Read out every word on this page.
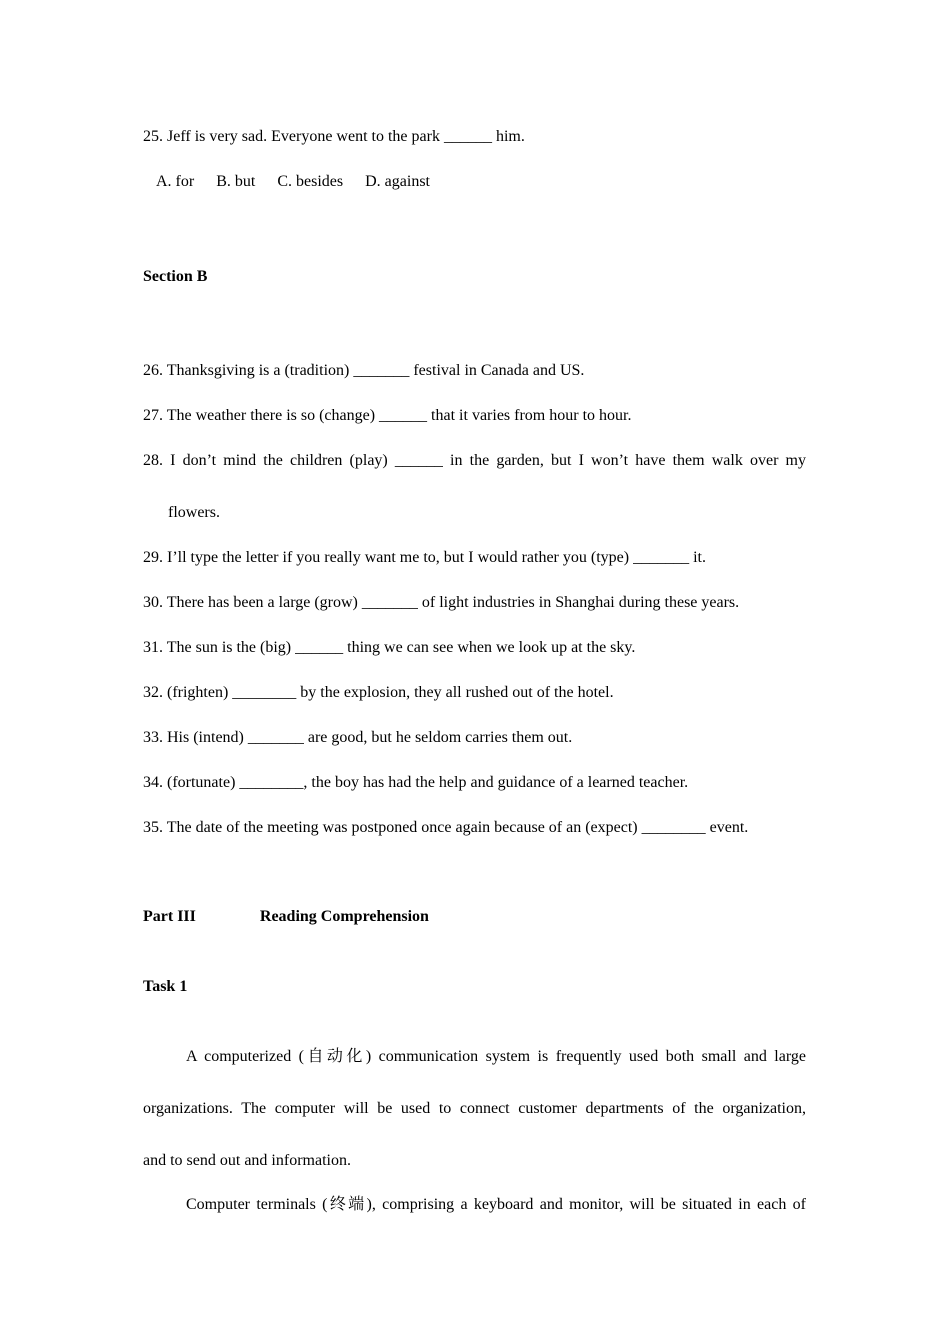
25. Jeff is very sad. Everyone went to the park ______ him.
A. for B. but C. besides D. against
Section B
26. Thanksgiving is a (tradition) _______ festival in Canada and US.
27. The weather there is so (change) ______ that it varies from hour to hour.
28. I don’t mind the children (play) ______ in the garden, but I won’t have them walk over my
flowers.
29. I’ll type the letter if you really want me to, but I would rather you (type) _______ it.
30. There has been a large (grow) _______ of light industries in Shanghai during these years.
31. The sun is the (big) ______ thing we can see when we look up at the sky.
32. (frighten) ________ by the explosion, they all rushed out of the hotel.
33. His (intend) _______ are good, but he seldom carries them out.
34. (fortunate) ________, the boy has had the help and guidance of a learned teacher.
35. The date of the meeting was postponed once again because of an (expect) ________ event.
Part III	Reading Comprehension
Task 1
A computerized (自动化) communication system is frequently used both small and large
organizations. The computer will be used to connect customer departments of the organization,
and to send out and information.
Computer terminals (终端), comprising a keyboard and monitor, will be situated in each of
